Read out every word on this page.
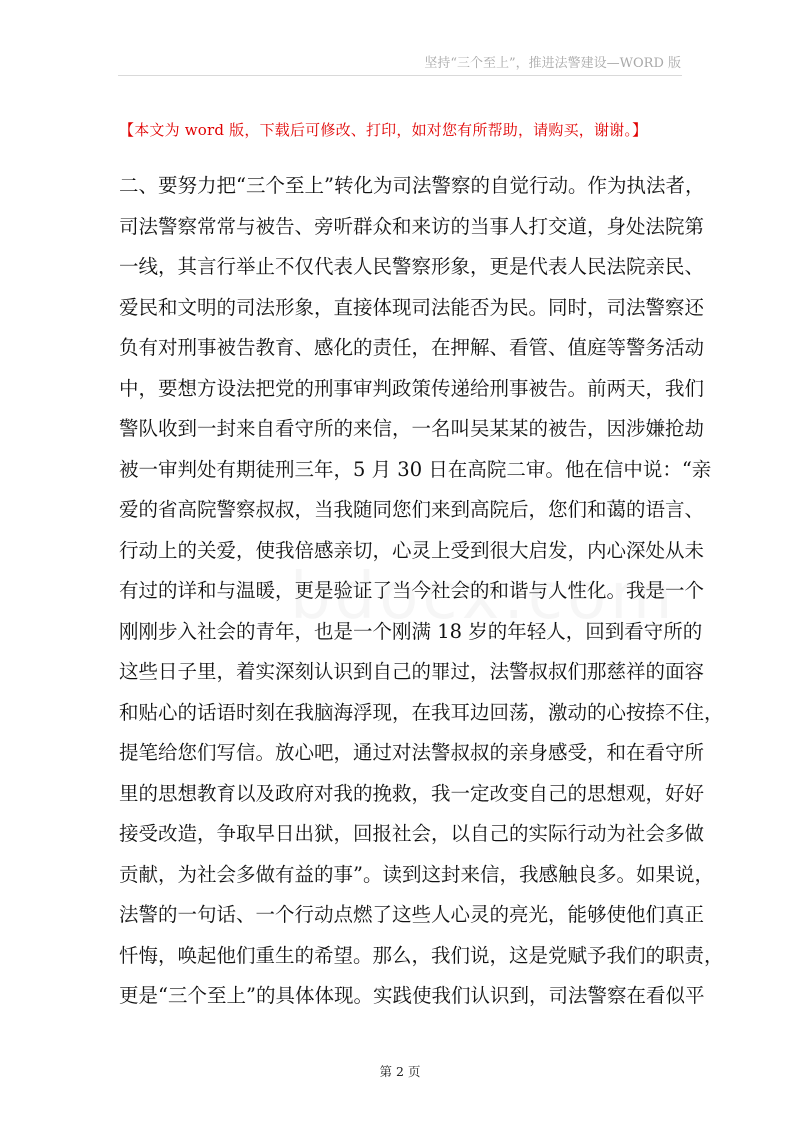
坚持“三个至上”，推进法警建设—WORD 版
【本文为 word 版，下载后可修改、打印，如对您有所帮助，请购买，谢谢。】
二、要努力把“三个至上”转化为司法警察的自觉行动。作为执法者，
司法警察常常与被告、旁听群众和来访的当事人打交道，身处法院第
一线，其言行举止不仅代表人民警察形象，更是代表人民法院亲民、
爱民和文明的司法形象，直接体现司法能否为民。同时，司法警察还
负有对刑事被告教育、感化的责任，在押解、看管、值庭等警务活动
中，要想方设法把党的刑事审判政策传递给刑事被告。前两天，我们
警队收到一封来自看守所的来信，一名叫吴某某的被告，因涉嫌抢劫
被一审判处有期徒刑三年，5 月 30 日在高院二审。他在信中说：“亲
爱的省高院警察叔叔，当我随同您们来到高院后，您们和蔼的语言、
行动上的关爱，使我倍感亲切，心灵上受到很大启发，内心深处从未
有过的详和与温暖，更是验证了当今社会的和谐与人性化。我是一个
刚刚步入社会的青年，也是一个刚满 18 岁的年轻人，回到看守所的
这些日子里，着实深刻认识到自己的罪过，法警叔叔们那慈祥的面容
和贴心的话语时刻在我脑海浮现，在我耳边回荡，激动的心按捺不住，
提笔给您们写信。放心吧，通过对法警叔叔的亲身感受，和在看守所
里的思想教育以及政府对我的挽救，我一定改变自己的思想观，好好
接受改造，争取早日出狱，回报社会，以自己的实际行动为社会多做
贡献，为社会多做有益的事”。读到这封来信，我感触良多。如果说，
法警的一句话、一个行动点燃了这些人心灵的亮光，能够使他们真正
忏悔，唤起他们重生的希望。那么，我们说，这是党赋予我们的职责，
更是“三个至上”的具体体现。实践使我们认识到，司法警察在看似平
第 2 页
